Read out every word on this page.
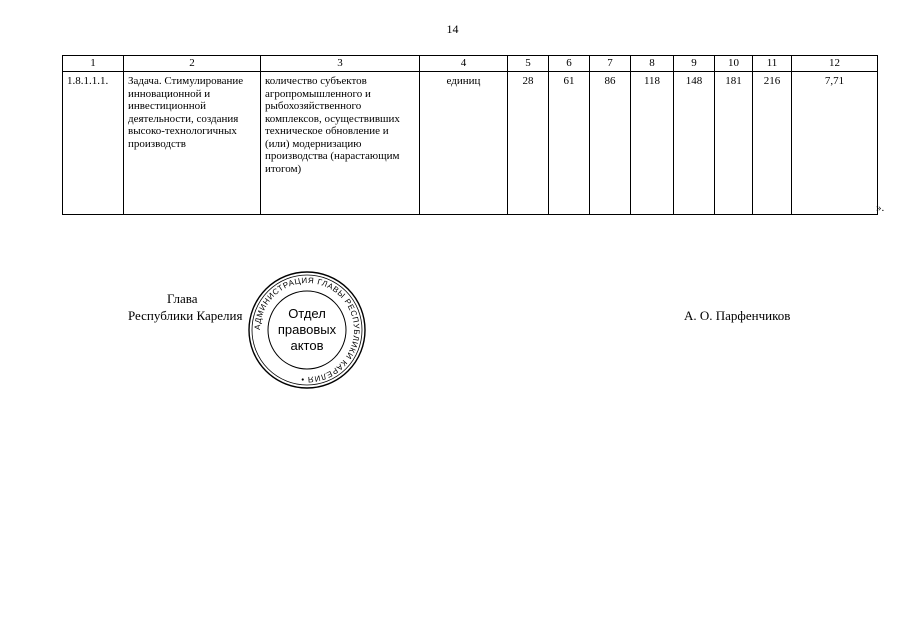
14
1	2	3	4	5	6	7	8	9	10	11	12
1.8.1.1.1.	Задача. Стимулирование инновационной и инвестиционной деятельности, создания высоко-технологичных производств	количество субъектов агропромышленного и рыбохозяйственного комплексов, осуществивших техническое обновление и (или) модернизацию производства (нарастающим итогом)	единиц	28	61	86	118	148	181	216	7,71
».
Глава
Республики Карелия
АДМИНИСТРАЦИЯ ГЛАВЫ РЕСПУБЛИКИ КАРЕЛИЯ •
Отдел
правовых
актов
А. О. Парфенчиков
